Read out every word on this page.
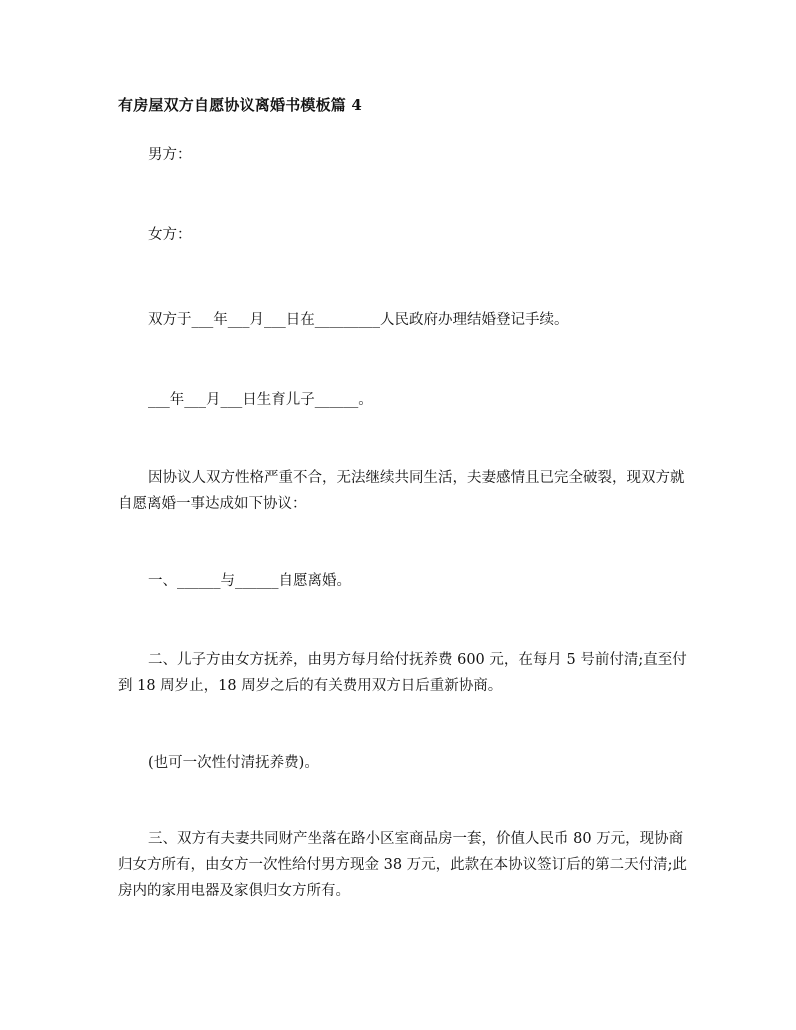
有房屋双方自愿协议离婚书模板篇 4

男方：

女方：

双方于___年___月___日在_________人民政府办理结婚登记手续。

___年___月___日生育儿子______。

因协议人双方性格严重不合，无法继续共同生活，夫妻感情且已完全破裂，现双方就自愿离婚一事达成如下协议：

一、______与______自愿离婚。

二、儿子方由女方抚养，由男方每月给付抚养费 600 元，在每月 5 号前付清;直至付到 18 周岁止，18 周岁之后的有关费用双方日后重新协商。

(也可一次性付清抚养费)。

三、双方有夫妻共同财产坐落在路小区室商品房一套，价值人民币 80 万元，现协商归女方所有，由女方一次性给付男方现金 38 万元，此款在本协议签订后的第二天付清;此房内的家用电器及家俱归女方所有。
